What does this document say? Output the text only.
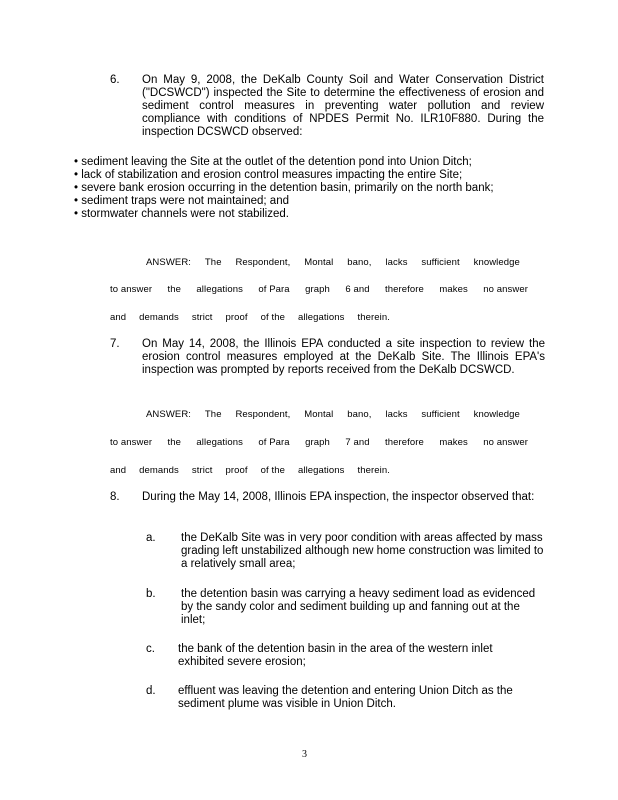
6. On May 9, 2008, the DeKalb County Soil and Water Conservation District ("DCSWCD") inspected the Site to determine the effectiveness of erosion and sediment control measures in preventing water pollution and review compliance with conditions of NPDES Permit No. ILR10F880. During the inspection DCSWCD observed:
• sediment leaving the Site at the outlet of the detention pond into Union Ditch;
• lack of stabilization and erosion control measures impacting the entire Site;
• severe bank erosion occurring in the detention basin, primarily on the north bank;
• sediment traps were not maintained; and
• stormwater channels were not stabilized.
ANSWER: The Respondent, Montal bano, lacks sufficient knowledge
to answer the allegations of Para graph 6 and therefore makes no answer
and demands strict proof of the allegations therein.
7. On May 14, 2008, the Illinois EPA conducted a site inspection to review the erosion control measures employed at the DeKalb Site. The Illinois EPA's inspection was prompted by reports received from the DeKalb DCSWCD.
ANSWER: The Respondent, Montal bano, lacks sufficient knowledge
to answer the allegations of Para graph 7 and therefore makes no answer
and demands strict proof of the allegations therein.
8. During the May 14, 2008, Illinois EPA inspection, the inspector observed that:
a. the DeKalb Site was in very poor condition with areas affected by mass grading left unstabilized although new home construction was limited to a relatively small area;
b. the detention basin was carrying a heavy sediment load as evidenced by the sandy color and sediment building up and fanning out at the inlet;
c. the bank of the detention basin in the area of the western inlet exhibited severe erosion;
d. effluent was leaving the detention and entering Union Ditch as the sediment plume was visible in Union Ditch.
3
